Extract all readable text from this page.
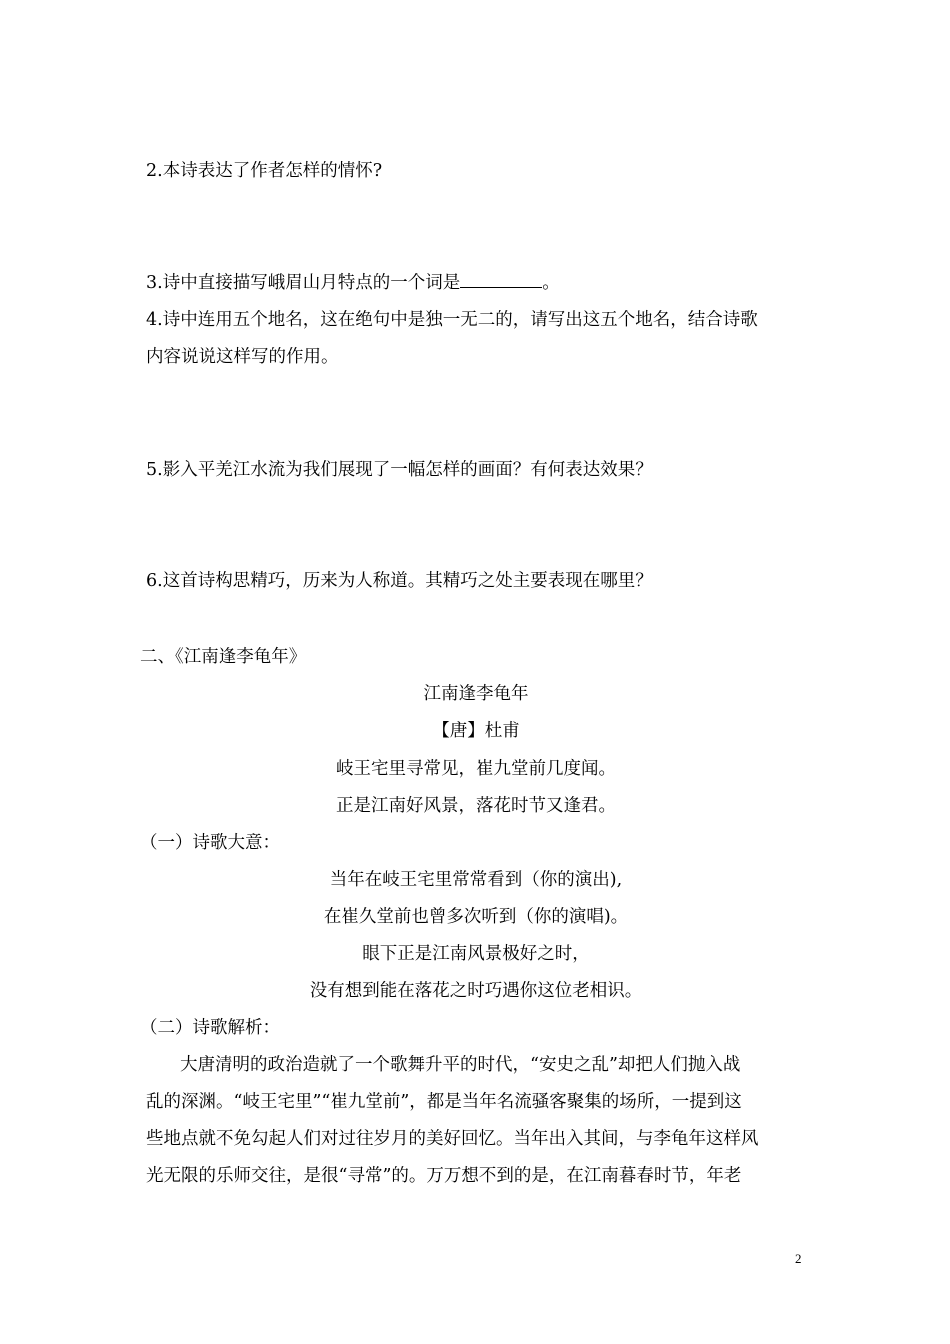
2.本诗表达了作者怎样的情怀?
3.诗中直接描写峨眉山月特点的一个词是	。
4.诗中连用五个地名，这在绝句中是独一无二的，请写出这五个地名，结合诗歌
内容说说这样写的作用。
5.影入平羌江水流为我们展现了一幅怎样的画面？有何表达效果？
6.这首诗构思精巧，历来为人称道。其精巧之处主要表现在哪里？
二、《江南逢李龟年》
江南逢李龟年
【唐】杜甫
岐王宅里寻常见，崔九堂前几度闻。
正是江南好风景，落花时节又逢君。
（一）诗歌大意：
当年在岐王宅里常常看到（你的演出),
在崔久堂前也曾多次听到（你的演唱)。
眼下正是江南风景极好之时，
没有想到能在落花之时巧遇你这位老相识。
（二）诗歌解析：
大唐清明的政治造就了一个歌舞升平的时代，“安史之乱”却把人们抛入战
乱的深渊。“岐王宅里”“崔九堂前”，都是当年名流骚客聚集的场所，一提到这
些地点就不免勾起人们对过往岁月的美好回忆。当年出入其间，与李龟年这样风
光无限的乐师交往，是很“寻常”的。万万想不到的是，在江南暮春时节，年老
2
